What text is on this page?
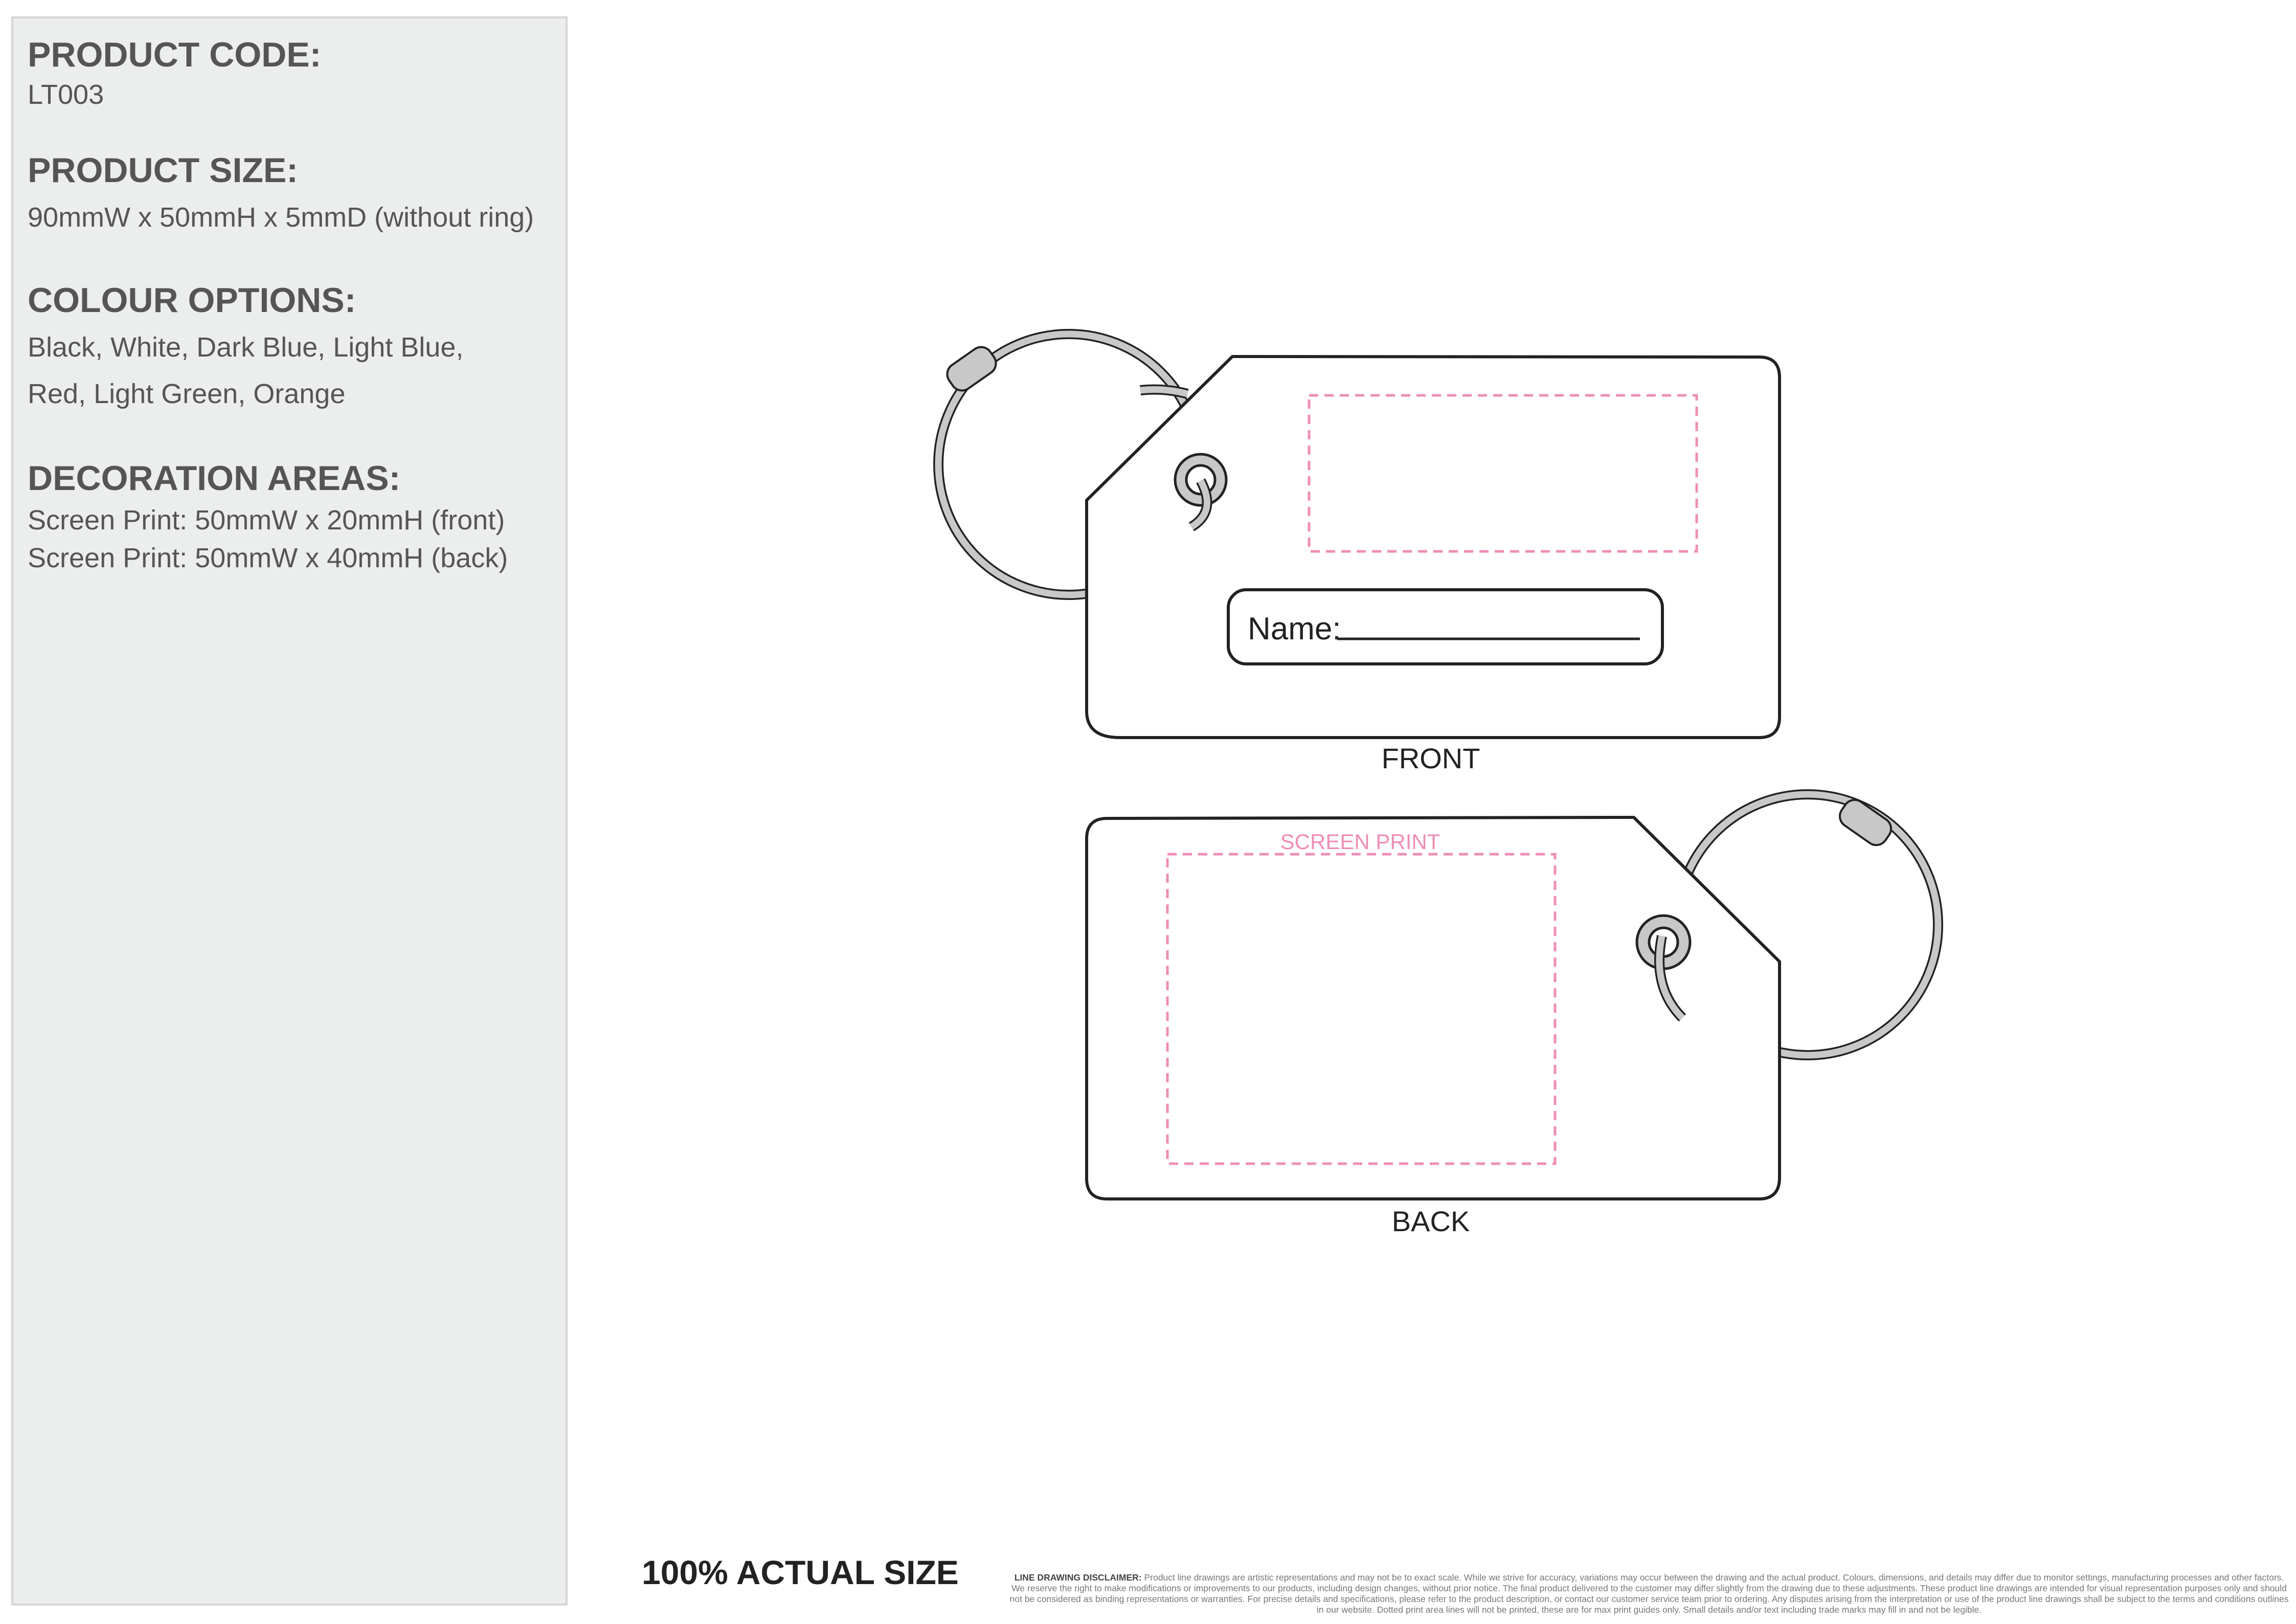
PRODUCT CODE:

LT003

PRODUCT SIZE:

90mmW x 50mmH x 5mmD (without ring)

COLOUR OPTIONS:

Black, White, Dark Blue, Light Blue,

Red, Light Green, Orange

DECORATION AREAS:

Screen Print: 50mmW x 20mmH (front)

Screen Print: 50mmW x 40mmH (back)

Name:
SCREEN PRINT
FRONT
BACK
100% ACTUAL SIZE	LINE DRAWING DISCLAIMER: Product line drawings are artistic representations and may not be to exact scale. While we strive for accuracy, variations may occur between the drawing and the actual product. Colours, dimensions, and details may differ due to monitor settings, manufacturing processes and other factors. We reserve the right to make modifications or improvements to our products, including design changes, without prior notice. The final product delivered to the customer may differ slightly from the drawing due to these adjustments. These product line drawings are intended for visual representation purposes only and should not be considered as binding representations or warranties. For precise details and specifications, please refer to the product description, or contact our customer service team prior to ordering. Any disputes arising from the interpretation or use of the product line drawings shall be subject to the terms and conditions outlines in our website. Dotted print area lines will not be printed, these are for max print guides only. Small details and/or text including trade marks may fill in and not be legible.
